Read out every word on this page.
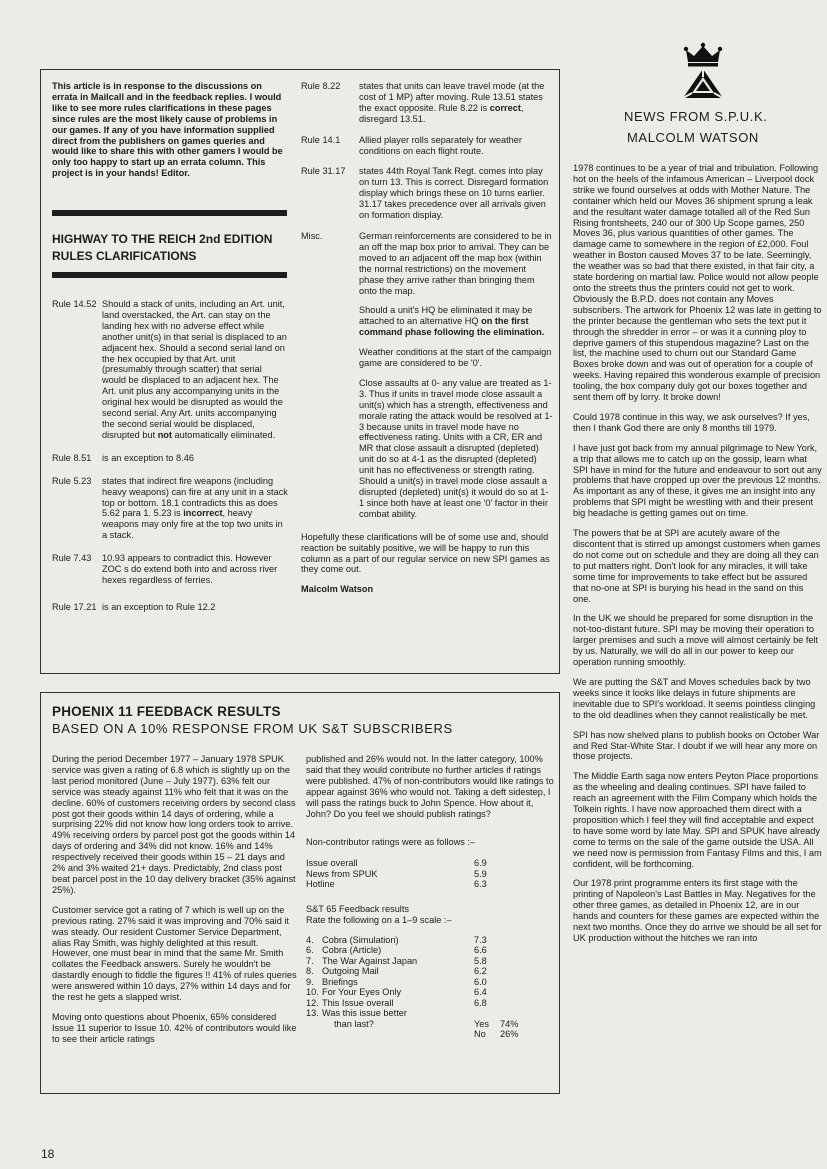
This article is in response to the discussions on errata in Mailcall and in the feedback replies. I would like to see more rules clarifications in these pages since rules are the most likely cause of problems in our games. If any of you have information supplied direct from the publishers on games queries and would like to share this with other gamers I would be only too happy to start up an errata column. This project is in your hands! Editor.
HIGHWAY TO THE REICH 2nd EDITION RULES CLARIFICATIONS
Rule 14.52 Should a stack of units, including an Art. unit, land overstacked, the Art. can stay on the landing hex with no adverse effect while another unit(s) in that serial is displaced to an adjacent hex. Should a second serial land on the hex occupied by that Art. unit (presumably through scatter) that serial would be displaced to an adjacent hex. The Art. unit plus any accompanying units in the original hex would be disrupted as would the second serial. Any Art. units accompanying the second serial would be displaced, disrupted but not automatically eliminated.
Rule 8.51	is an exception to 8.46
Rule 5.23	states that indirect fire weapons (including heavy weapons) can fire at any unit in a stack top or bottom. 18.1 contradicts this as does 5.62 para 1. 5.23 is incorrect, heavy weapons may only fire at the top two units in a stack.
Rule 7.43	10.93 appears to contradict this. However ZOC s do extend both into and across river hexes regardless of ferries.
Rule 17.21 is an exception to Rule 12.2
Rule 8.22	states that units can leave travel mode (at the cost of 1 MP) after moving. Rule 13.51 states the exact opposite. Rule 8.22 is correct, disregard 13.51.
Rule 14.1	Allied player rolls separately for weather conditions on each flight route.
Rule 31.17	states 44th Royal Tank Regt. comes into play on turn 13. This is correct. Disregard formation display which brings these on 10 turns earlier. 31.17 takes precedence over all arrivals given on formation display.
Misc.	German reinforcements are considered to be in an off the map box prior to arrival. They can be moved to an adjacent off the map box (within the normal restrictions) on the movement phase they arrive rather than bringing them onto the map.

Should a unit's HQ be eliminated it may be attached to an alternative HQ on the first command phase following the elimination.

Weather conditions at the start of the campaign game are considered to be '0'.

Close assaults at 0- any value are treated as 1-3. Thus if units in travel mode close assault a unit(s) which has a strength, effectiveness and morale rating the attack would be resolved at 1-3 because units in travel mode have no effectiveness rating. Units with a CR, ER and MR that close assault a disrupted (depleted) unit do so at 4-1 as the disrupted (depleted) unit has no effectiveness or strength rating. Should a unit(s) in travel mode close assault a disrupted (depleted) unit(s) it would do so at 1-1 since both have at least one '0' factor in their combat ability.

Hopefully these clarifications will be of some use and, should reaction be suitably positive, we will be happy to run this column as a part of our regular service on new SPI games as they come out.

Malcolm Watson

PHOENIX 11 FEEDBACK RESULTS
BASED ON A 10% RESPONSE FROM UK S&T SUBSCRIBERS

During the period December 1977 – January 1978 SPUK service was given a rating of 6.8 which is slightly up on the last period monitored (June – July 1977). 63% felt our service was steady against 11% who felt that it was on the decline. 60% of customers receiving orders by second class post got their goods within 14 days of ordering, while a surprising 22% did not know how long orders took to arrive. 49% receiving orders by parcel post got the goods within 14 days of ordering and 34% did not know. 16% and 14% respectively received their goods within 15 – 21 days and 2% and 3% waited 21+ days. Predictably, 2nd class post beat parcel post in the 10 day delivery bracket (35% against 25%).

Customer service got a rating of 7 which is well up on the previous rating. 27% said it was improving and 70% said it was steady. Our resident Customer Service Department, alias Ray Smith, was highly delighted at this result. However, one must bear in mind that the same Mr. Smith collates the Feedback answers. Surely he wouldn't be dastardly enough to fiddle the figures !! 41% of rules queries were answered within 10 days, 27% within 14 days and for the rest he gets a slapped wrist.

Moving onto questions about Phoenix, 65% considered Issue 11 superior to Issue 10. 42% of contributors would like to see their article ratings

published and 26% would not. In the latter category, 100% said that they would contribute no further articles if ratings were published. 47% of non-contributors would like ratings to appear against 36% who would not. Taking a deft sidestep, I will pass the ratings buck to John Spence. How about it, John? Do you feel we should publish ratings?

Non-contributor ratings were as follows :–

Issue overall	6.9
News from SPUK	5.9
Hotline	6.3

S&T 65 Feedback results

Rate the following on a 1–9 scale :–

4. Cobra (Simulation)	7.3
6. Cobra (Article)	6.6
7. The War Against Japan	5.8
8. Outgoing Mail	6.2
9. Briefings	6.0
10. For Your Eyes Only	6.4
12. This Issue overall	6.8
13. Was this issue better
than last?	Yes	74%
No	26%
18
NEWS FROM S.P.U.K.
MALCOLM WATSON

1978 continues to be a year of trial and tribulation. Following hot on the heels of the infamous American – Liverpool dock strike we found ourselves at odds with Mother Nature. The container which held our Moves 36 shipment sprung a leak and the resultant water damage totalled all of the Red Sun Rising frontsheets, 240 our of 300 Up Scope games, 250 Moves 36, plus various quantities of other games. The damage came to somewhere in the region of £2,000. Foul weather in Boston caused Moves 37 to be late. Seemingly, the weather was so bad that there existed, in that fair city, a state bordering on martial law. Police would not allow people onto the streets thus the printers could not get to work. Obviously the B.P.D. does not contain any Moves subscribers. The artwork for Phoenix 12 was late in getting to the printer because the gentleman who sets the text put it through the shredder in error – or was it a cunning ploy to deprive gamers of this stupendous magazine? Last on the list, the machine used to churn out our Standard Game Boxes broke down and was out of operation for a couple of weeks. Having repaired this wonderous example of precision tooling, the box company duly got our boxes together and sent them off by lorry. It broke down!

Could 1978 continue in this way, we ask ourselves? If yes, then I thank God there are only 8 months till 1979.

I have just got back from my annual pilgrimage to New York, a trip that allows me to catch up on the gossip, learn what SPI have in mind for the future and endeavour to sort out any problems that have cropped up over the previous 12 months. As important as any of these, it gives me an insight into any problems that SPI might be wrestling with and their present big headache is getting games out on time.

The powers that be at SPI are acutely aware of the discontent that is stirred up amongst customers when games do not come out on schedule and they are doing all they can to put matters right. Don't look for any miracles, it will take some time for improvements to take effect but be assured that no-one at SPI is burying his head in the sand on this one.

In the UK we should be prepared for some disruption in the not-too-distant future. SPI may be moving their operation to larger premises and such a move will almost certainly be felt by us. Naturally, we will do all in our power to keep our operation running smoothly.

We are putting the S&T and Moves schedules back by two weeks since it looks like delays in future shipments are inevitable due to SPI's workload. It seems pointless clinging to the old deadlines when they cannot realistically be met.

SPI has now shelved plans to publish books on October War and Red Star-White Star. I doubt if we will hear any more on those projects.

The Middle Earth saga now enters Peyton Place proportions as the wheeling and dealing continues. SPI have failed to reach an agreement with the Film Company which holds the Tolkein rights. I have now approached them direct with a proposition which I feel they will find acceptable and expect to have some word by late May. SPI and SPUK have already come to terms on the sale of the game outside the USA. All we need now is permission from Fantasy Films and this, I am confident, will be forthcoming.

Our 1978 print programme enters its first stage with the printing of Napoleon's Last Battles in May. Negatives for the other three games, as detailed in Phoenix 12, are in our hands and counters for these games are expected within the next two months. Once they do arrive we should be all set for UK production without the hitches we ran into
